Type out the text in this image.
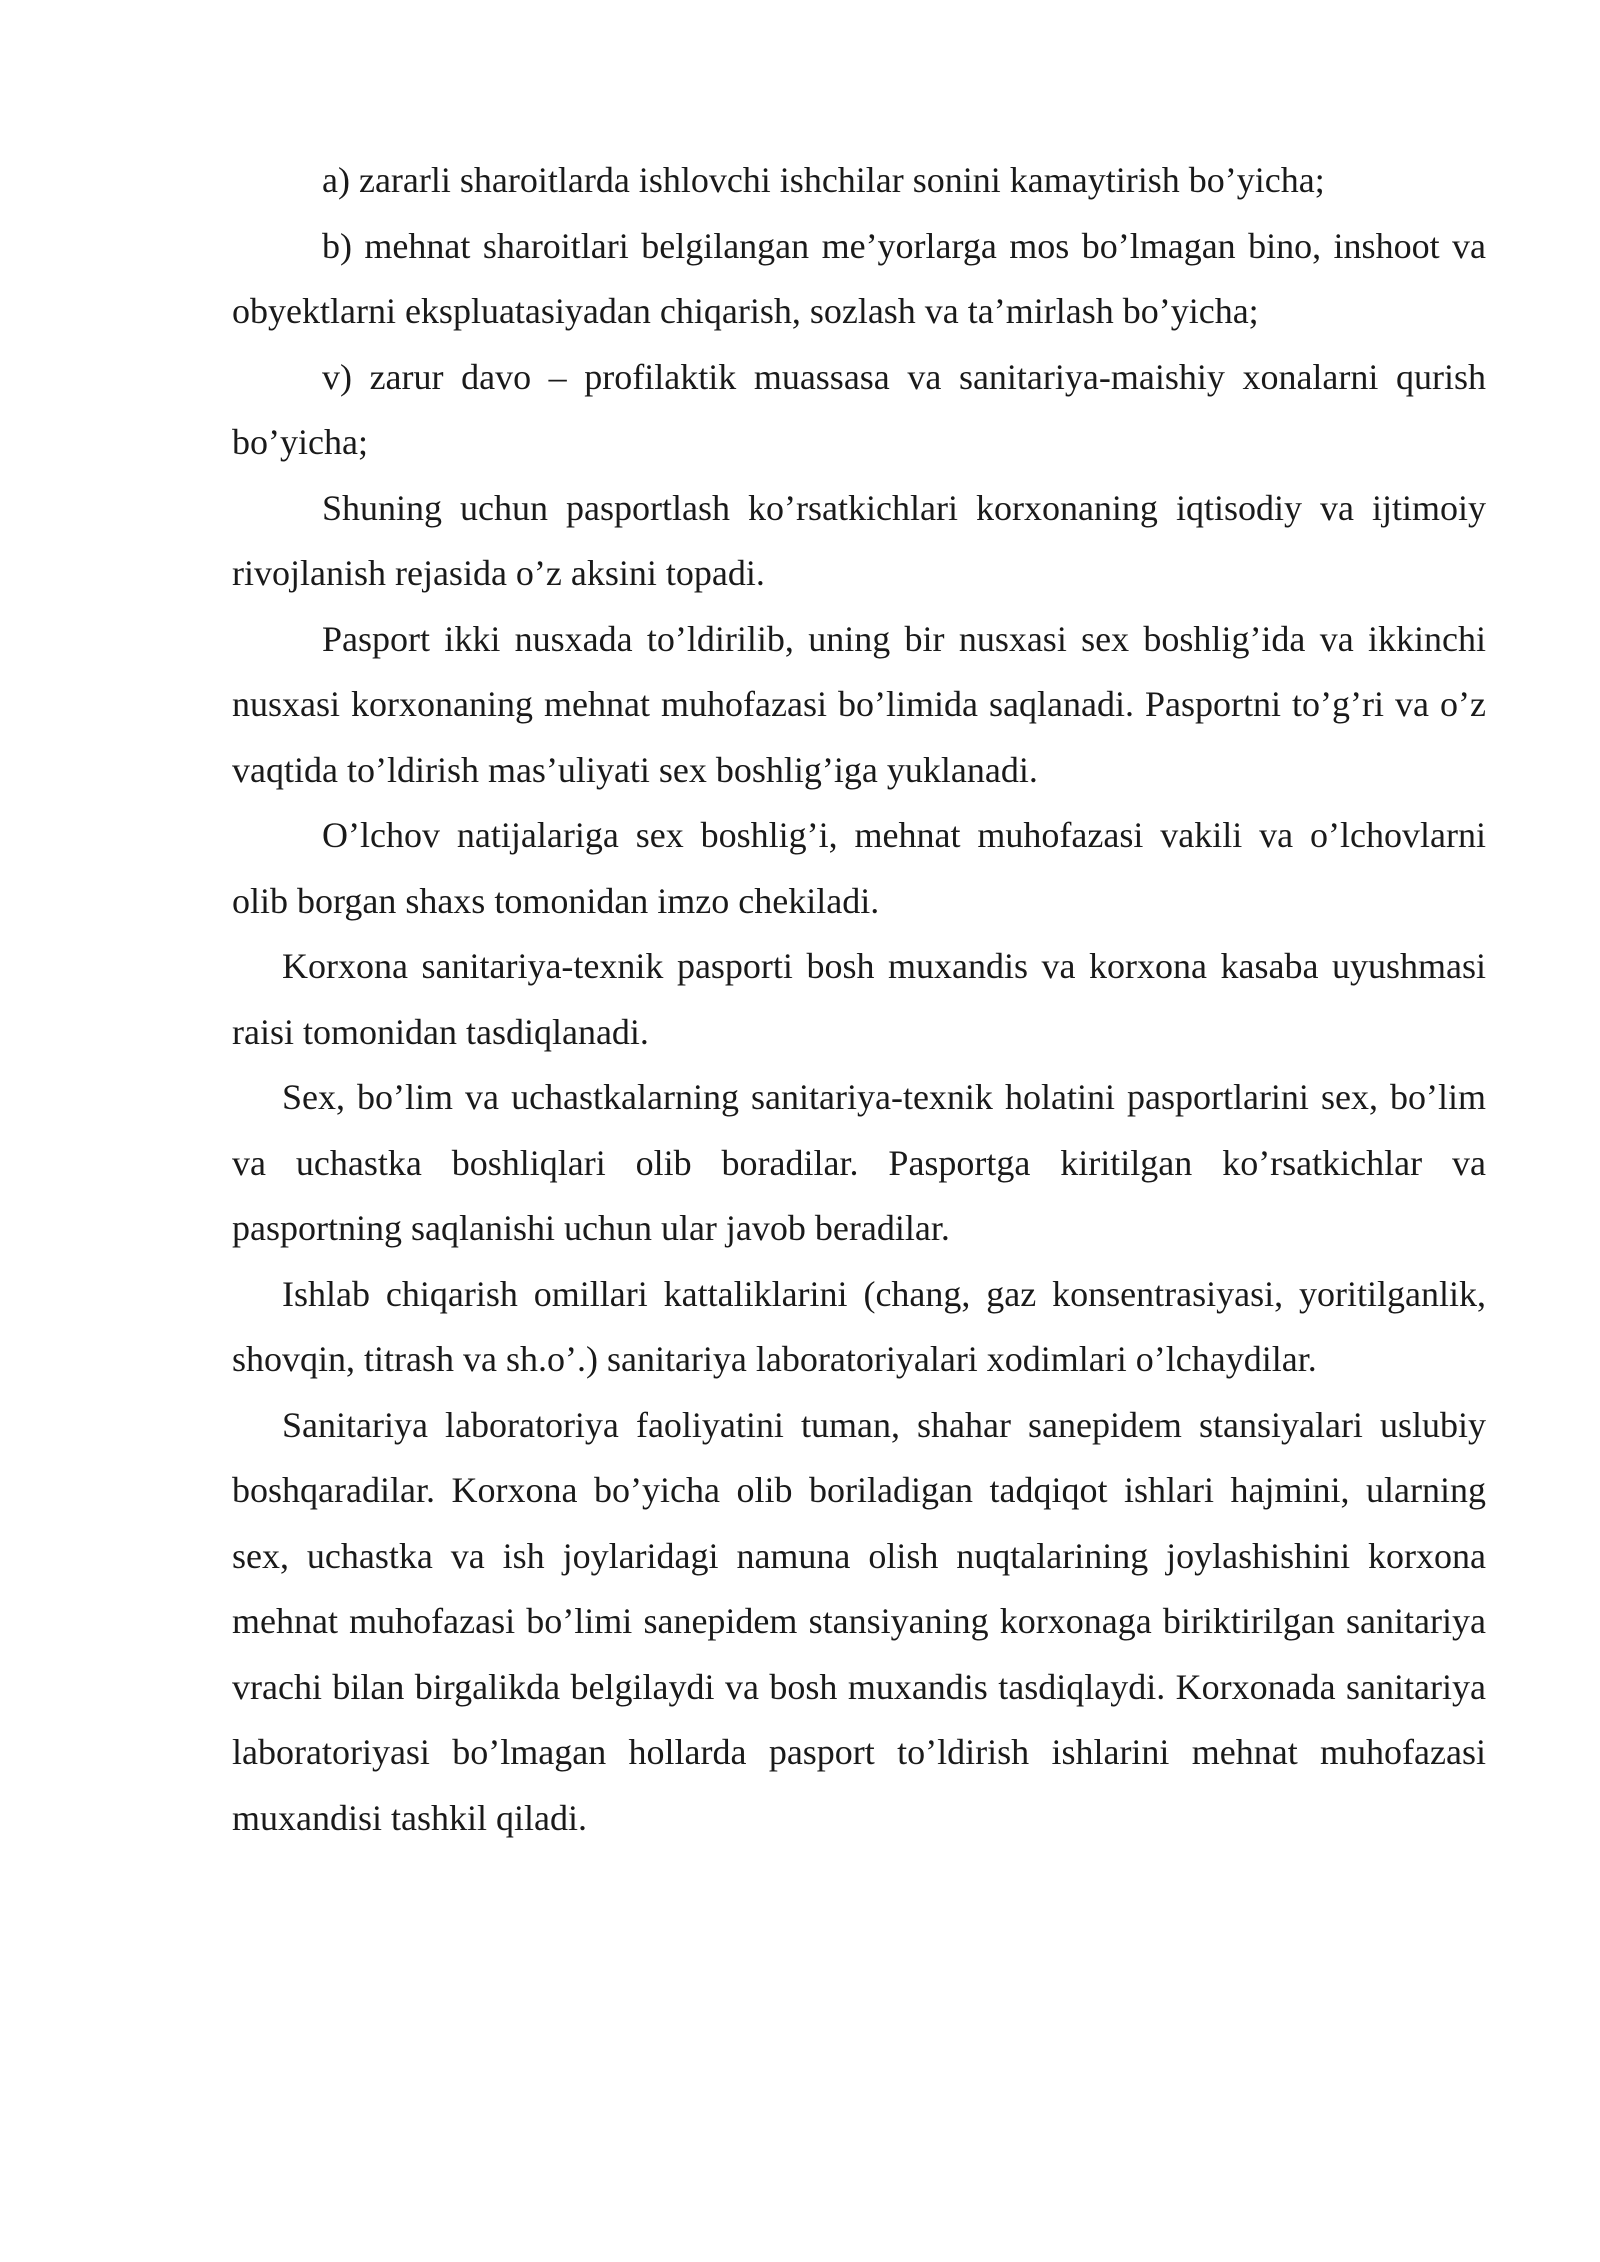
a) zararli sharoitlarda ishlovchi ishchilar sonini kamaytirish bo’yicha;

b) mehnat sharoitlari belgilangan me’yorlarga mos bo’lmagan bino, inshoot va obyektlarni ekspluatasiyadan chiqarish, sozlash va ta’mirlash bo’yicha;

v) zarur davo – profilaktik muassasa va sanitariya-maishiy xonalarni qurish bo’yicha;

Shuning uchun pasportlash ko’rsatkichlari korxonaning iqtisodiy va ijtimoiy rivojlanish rejasida o’z aksini topadi.

Pasport ikki nusxada to’ldirilib, uning bir nusxasi sex boshlig’ida va ikkinchi nusxasi korxonaning mehnat muhofazasi bo’limida saqlanadi. Pasportni to’g’ri va o’z vaqtida to’ldirish mas’uliyati sex boshlig’iga yuklanadi.

O’lchov natijalariga sex boshlig’i, mehnat muhofazasi vakili va o’lchovlarni olib borgan shaxs tomonidan imzo chekiladi.

Korxona sanitariya-texnik pasporti bosh muxandis va korxona kasaba uyushmasi raisi tomonidan tasdiqlanadi.

Sex, bo’lim va uchastkalarning sanitariya-texnik holatini pasportlarini sex, bo’lim va uchastka boshliqlari olib boradilar. Pasportga kiritilgan ko’rsatkichlar va pasportning saqlanishi uchun ular javob beradilar.

Ishlab chiqarish omillari kattaliklarini (chang, gaz konsentrasiyasi, yoritilganlik, shovqin, titrash va sh.o’.) sanitariya laboratoriyalari xodimlari o’lchaydilar.

Sanitariya laboratoriya faoliyatini tuman, shahar sanepidem stansiyalari uslubiy boshqaradilar. Korxona bo’yicha olib boriladigan tadqiqot ishlari hajmini, ularning sex, uchastka va ish joylaridagi namuna olish nuqtalarining joylashishini korxona mehnat muhofazasi bo’limi sanepidem stansiyaning korxonaga biriktirilgan sanitariya vrachi bilan birgalikda belgilaydi va bosh muxandis tasdiqlaydi. Korxonada sanitariya laboratoriyasi bo’lmagan hollarda pasport to’ldirish ishlarini mehnat muhofazasi muxandisi tashkil qiladi.
